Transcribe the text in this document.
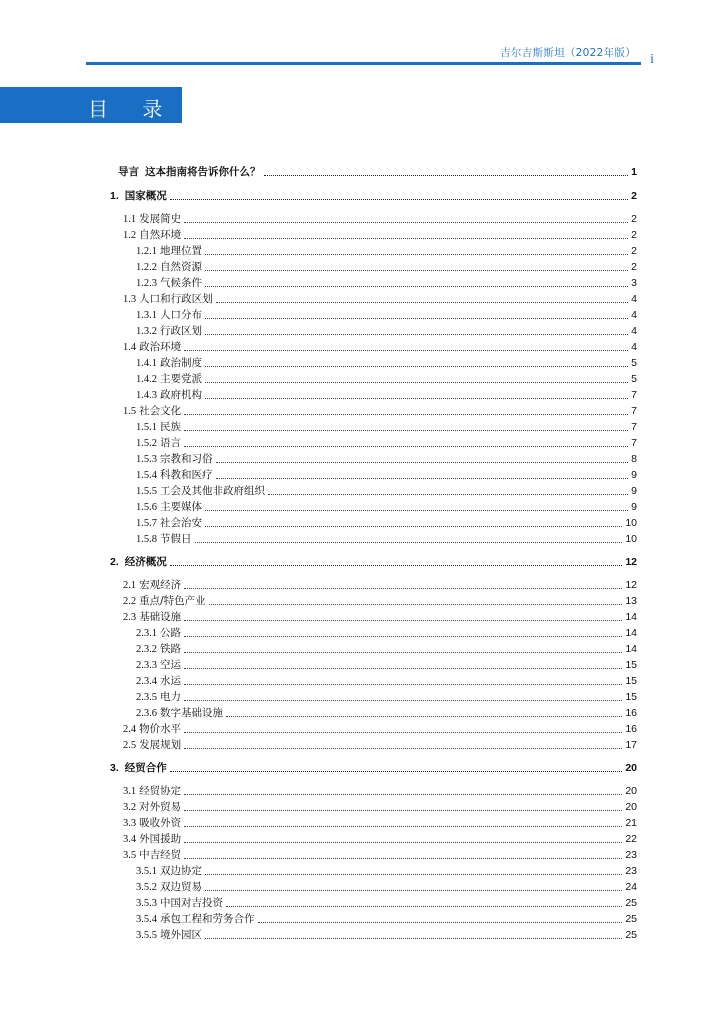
吉尔吉斯斯坦（2022年版） i
目 录
导言 这本指南将告诉你什么？	1
1. 国家概况	2
1.1 发展简史	2
1.2 自然环境	2
1.2.1 地理位置	2
1.2.2 自然资源	2
1.2.3 气候条件	3
1.3 人口和行政区划	4
1.3.1 人口分布	4
1.3.2 行政区划	4
1.4 政治环境	4
1.4.1 政治制度	5
1.4.2 主要党派	5
1.4.3 政府机构	7
1.5 社会文化	7
1.5.1 民族	7
1.5.2 语言	7
1.5.3 宗教和习俗	8
1.5.4 科教和医疗	9
1.5.5 工会及其他非政府组织	9
1.5.6 主要媒体	9
1.5.7 社会治安	10
1.5.8 节假日	10
2. 经济概况	12
2.1 宏观经济	12
2.2 重点/特色产业	13
2.3 基础设施	14
2.3.1 公路	14
2.3.2 铁路	14
2.3.3 空运	15
2.3.4 水运	15
2.3.5 电力	15
2.3.6 数字基础设施	16
2.4 物价水平	16
2.5 发展规划	17
3. 经贸合作	20
3.1 经贸协定	20
3.2 对外贸易	20
3.3 吸收外资	21
3.4 外国援助	22
3.5 中吉经贸	23
3.5.1 双边协定	23
3.5.2 双边贸易	24
3.5.3 中国对吉投资	25
3.5.4 承包工程和劳务合作	25
3.5.5 境外园区	25
